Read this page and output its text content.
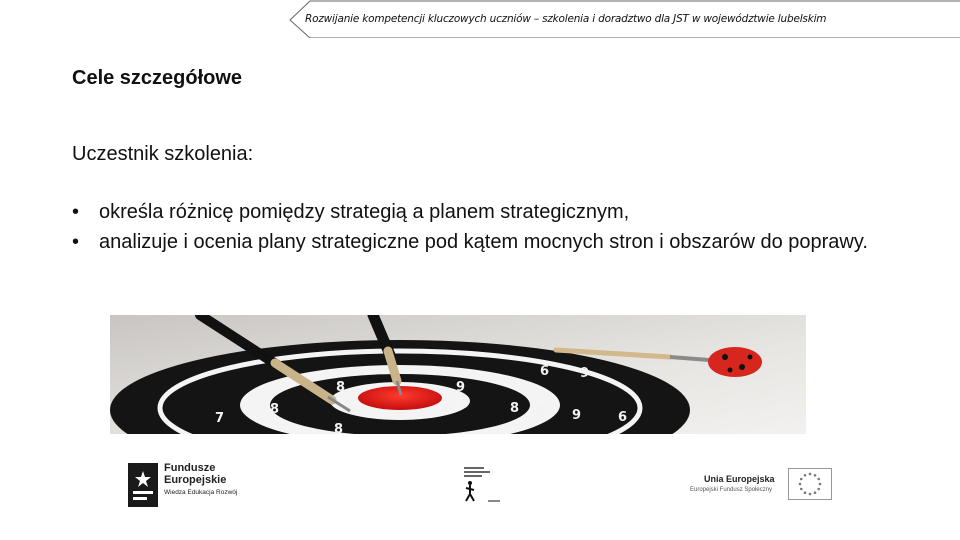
Rozwijanie kompetencji kluczowych uczniów – szkolenia i doradztwo dla JST w województwie lubelskim
Cele szczegółowe
Uczestnik szkolenia:
• określa różnicę pomiędzy strategią a planem strategicznym,
• analizuje i ocenia plany strategiczne pod kątem mocnych stron i obszarów do poprawy.
8
8
9
9	8 9
8
6
9
8
9
6
7
Fundusze
Europejskie
Wiedza Edukacja Rozwój
Unia Europejska
Europejski Fundusz Społeczny
